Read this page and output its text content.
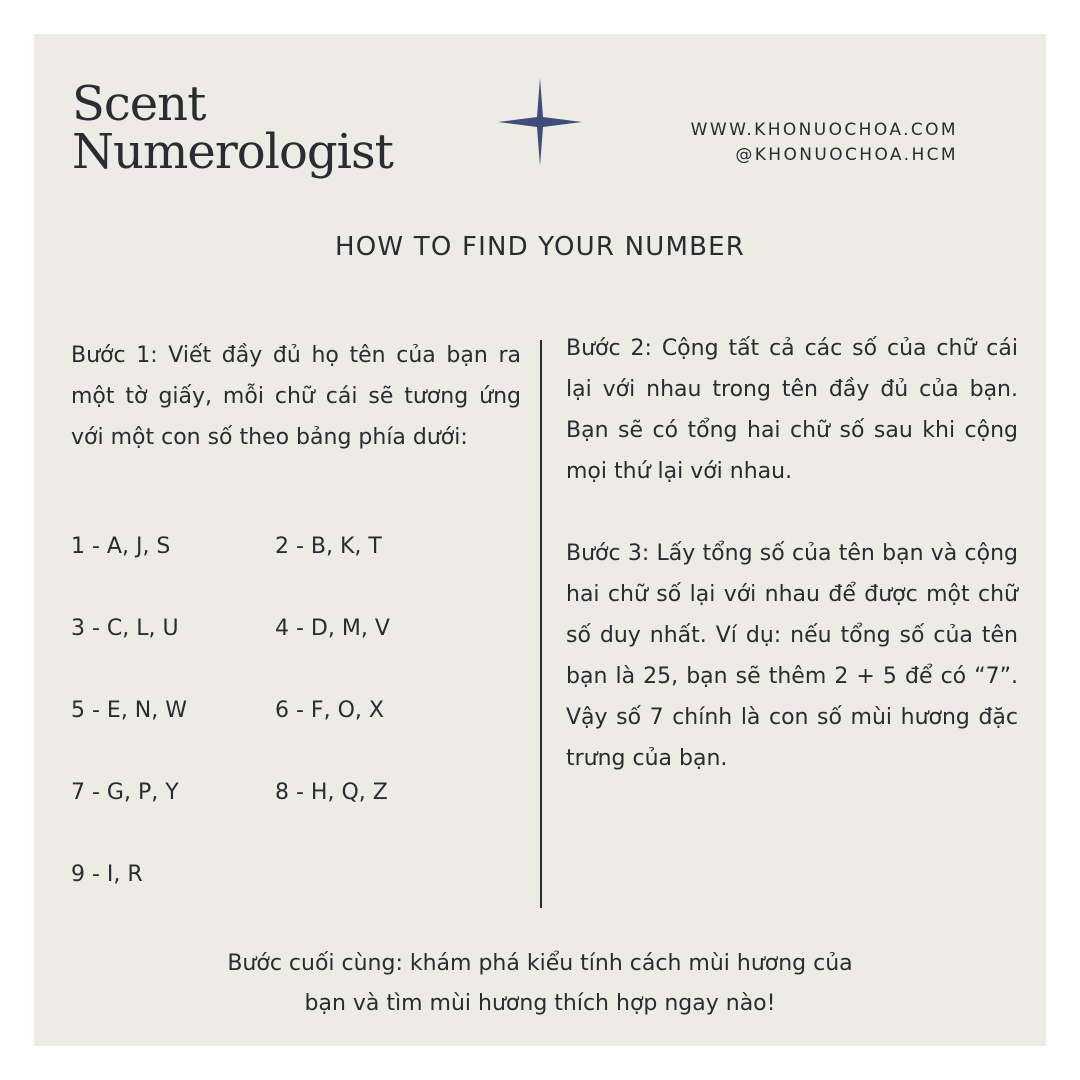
Scent
Numerologist	WWW.KHONUOCHOA.COM
@KHONUOCHOA.HCM
HOW TO FIND YOUR NUMBER
Bước 1: Viết đầy đủ họ tên của bạn ra một tờ giấy, mỗi chữ cái sẽ tương ứng với một con số theo bảng phía dưới:
1 - A, J, S	2 - B, K, T
3 - C, L, U	4 - D, M, V
5 - E, N, W	6 - F, O, X
7 - G, P, Y	8 - H, Q, Z
9 - I, R
Bước 2: Cộng tất cả các số của chữ cái lại với nhau trong tên đầy đủ của bạn. Bạn sẽ có tổng hai chữ số sau khi cộng mọi thứ lại với nhau.
Bước 3: Lấy tổng số của tên bạn và cộng hai chữ số lại với nhau để được một chữ số duy nhất. Ví dụ: nếu tổng số của tên bạn là 25, bạn sẽ thêm 2 + 5 để có “7”. Vậy số 7 chính là con số mùi hương đặc trưng của bạn.
Bước cuối cùng: khám phá kiểu tính cách mùi hương của
bạn và tìm mùi hương thích hợp ngay nào!
